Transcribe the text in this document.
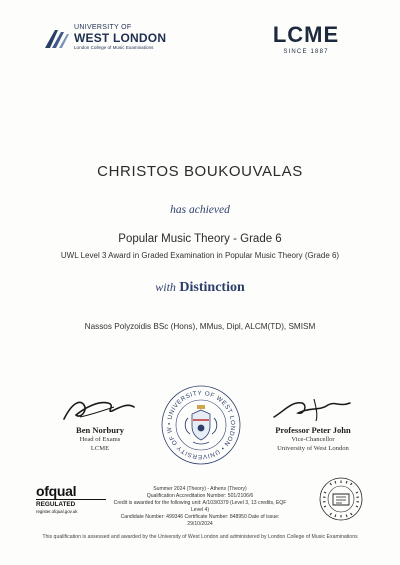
UNIVERSITY OF
WEST LONDON
London College of Music Examinations
LCME
SINCE 1887
CHRISTOS BOUKOUVALAS
has achieved
Popular Music Theory - Grade 6
UWL Level 3 Award in Graded Examination in Popular Music Theory (Grade 6)
with Distinction
Nassos Polyzoidis BSc (Hons), MMus, Dipl, ALCM(TD), SMISM
Ben Norbury
Head of Exams
LCME
• UNIVERSITY OF WEST LONDON • UNIVERSITY OF W	Professor Peter John
Vice-Chancellor
University of West London
ofqual
REGULATED
register.ofqual.gov.uk
Summer 2024 (Theory) - Athens (Theory)
Qualification Accreditation Number: 501/2106/6
Credit is awarded for the following unit: A/103/0379 (Level 3, 13 credits, EQF Level 4)
Candidate Number: 499346 Certificate Number: 848950 Date of issue: 29/10/2024
This qualification is assessed and awarded by the University of West London and administered by London College of Music Examinations
